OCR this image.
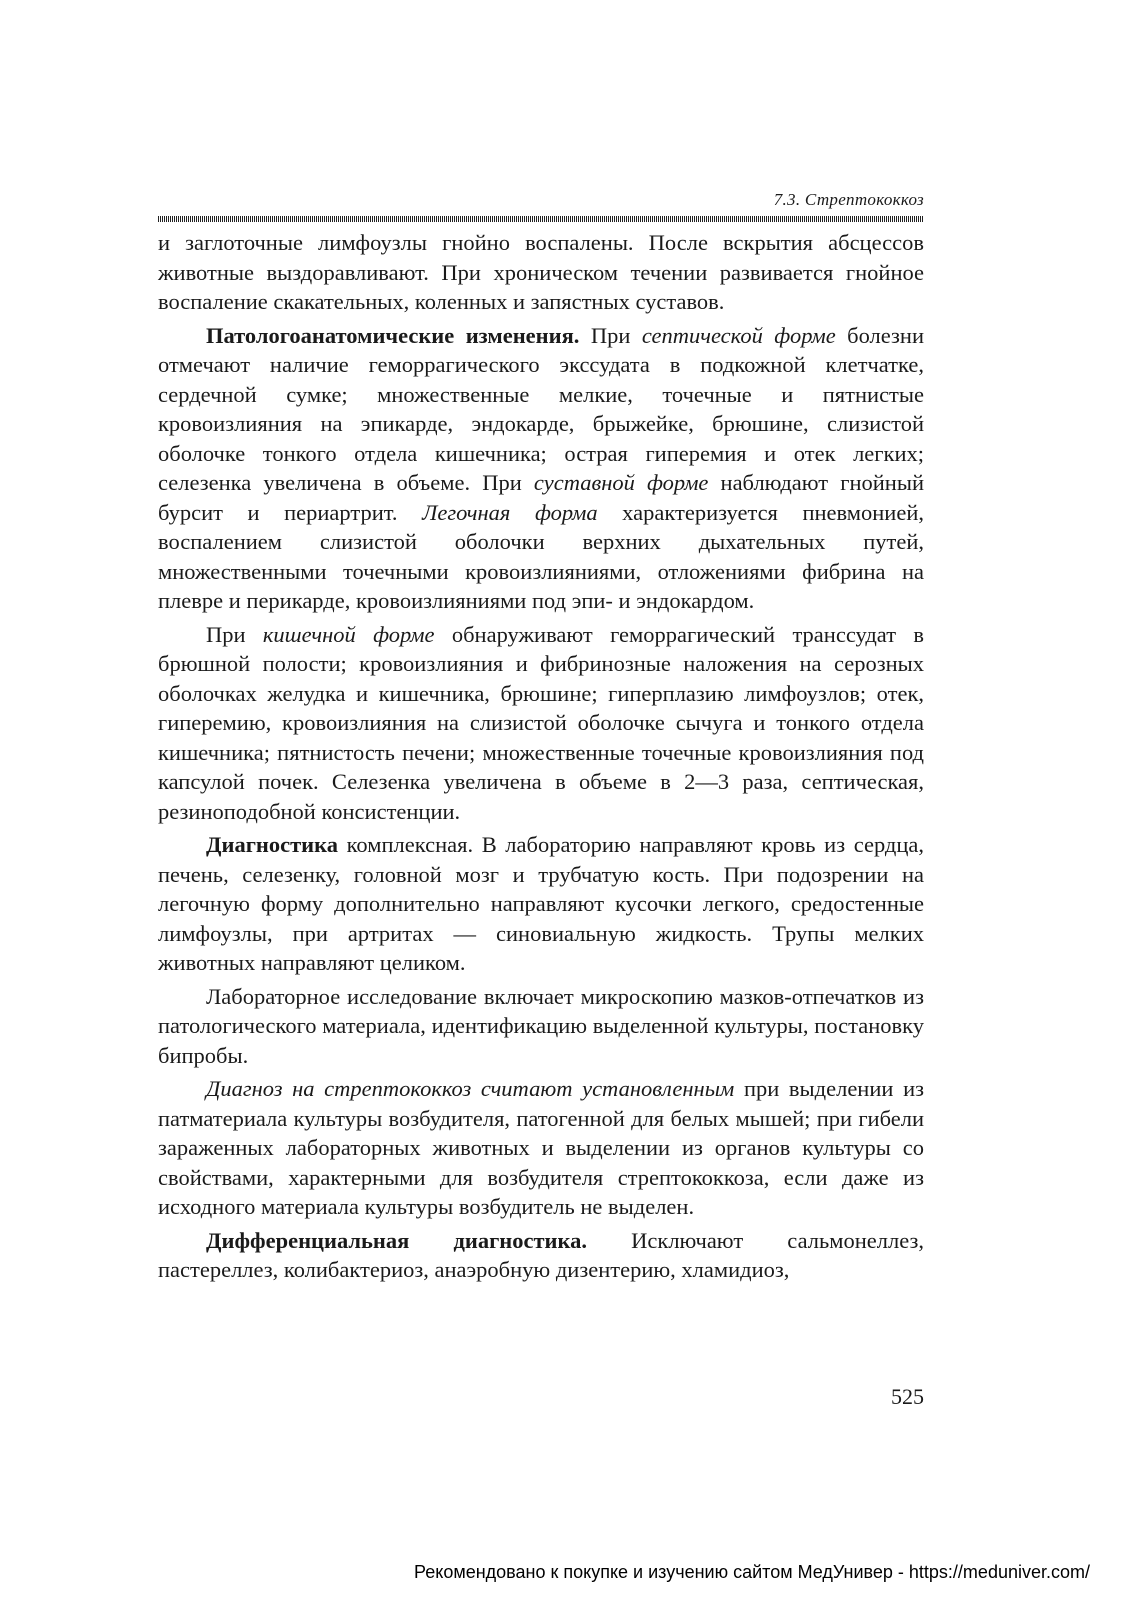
7.3. Стрептококкоз

и заглоточные лимфоузлы гнойно воспалены. После вскрытия абсцессов животные выздоравливают. При хроническом течении развивается гнойное воспаление скакательных, коленных и запястных суставов.

Патологоанатомические изменения. При септической форме болезни отмечают наличие геморрагического экссудата в подкожной клетчатке, сердечной сумке; множественные мелкие, точечные и пятнистые кровоизлияния на эпикарде, эндокарде, брыжейке, брюшине, слизистой оболочке тонкого отдела кишечника; острая гиперемия и отек легких; селезенка увеличена в объеме. При суставной форме наблюдают гнойный бурсит и периартрит. Легочная форма характеризуется пневмонией, воспалением слизистой оболочки верхних дыхательных путей, множественными точечными кровоизлияниями, отложениями фибрина на плевре и перикарде, кровоизлияниями под эпи- и эндокардом.

При кишечной форме обнаруживают геморрагический транссудат в брюшной полости; кровоизлияния и фибринозные наложения на серозных оболочках желудка и кишечника, брюшине; гиперплазию лимфоузлов; отек, гиперемию, кровоизлияния на слизистой оболочке сычуга и тонкого отдела кишечника; пятнистость печени; множественные точечные кровоизлияния под капсулой почек. Селезенка увеличена в объеме в 2—3 раза, септическая, резиноподобной консистенции.

Диагностика комплексная. В лабораторию направляют кровь из сердца, печень, селезенку, головной мозг и трубчатую кость. При подозрении на легочную форму дополнительно направляют кусочки легкого, средостенные лимфоузлы, при артритах — синовиальную жидкость. Трупы мелких животных направляют целиком.

Лабораторное исследование включает микроскопию мазков-отпечатков из патологического материала, идентификацию выделенной культуры, постановку бипробы.

Диагноз на стрептококкоз считают установленным при выделении из патматериала культуры возбудителя, патогенной для белых мышей; при гибели зараженных лабораторных животных и выделении из органов культуры со свойствами, характерными для возбудителя стрептококкоза, если даже из исходного материала культуры возбудитель не выделен.

Дифференциальная диагностика. Исключают сальмонеллез, пастереллез, колибактериоз, анаэробную дизентерию, хламидиоз,

525
Рекомендовано к покупке и изучению сайтом МедУнивер - https://meduniver.com/
